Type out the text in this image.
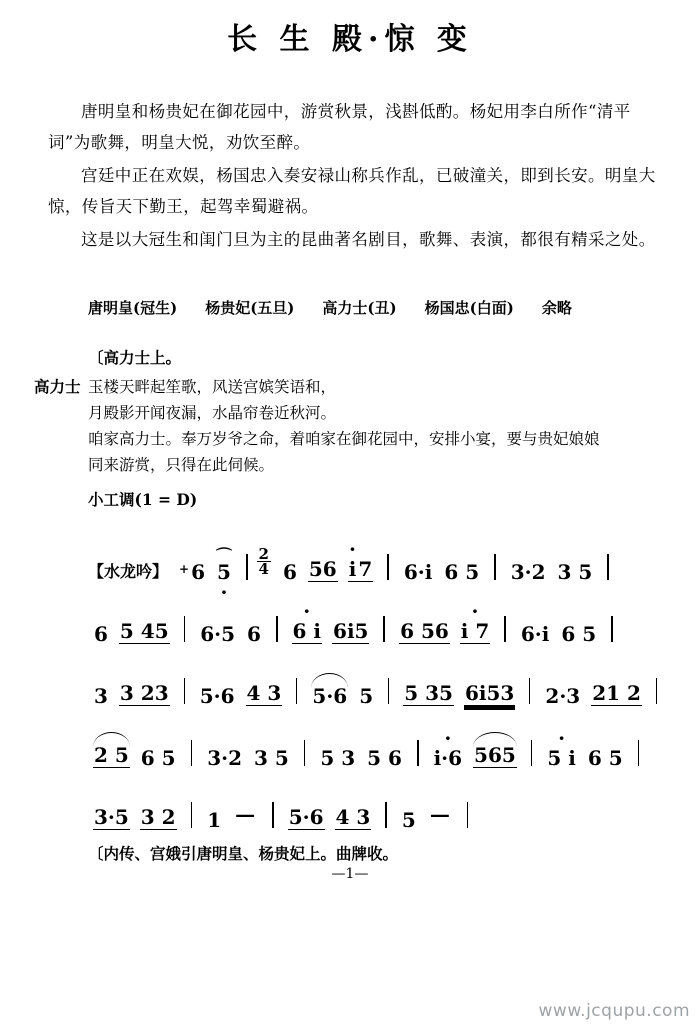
长 生 殿·惊 变

唐明皇和杨贵妃在御花园中，游赏秋景，浅斟低酌。杨妃用李白所作“清平词”为歌舞，明皇大悦，劝饮至醉。

宫廷中正在欢娱，杨国忠入奏安禄山称兵作乱，已破潼关，即到长安。明皇大惊，传旨天下勤王，起驾幸蜀避祸。

这是以大冠生和闺门旦为主的昆曲著名剧目，歌舞、表演，都很有精采之处。

唐明皇(冠生) 杨贵妃(五旦) 高力士(丑) 杨国忠(白面) 余略
〔高力士上。
高力士 玉楼天畔起笙歌，风送宫嫔笑语和，
月殿影开闻夜漏，水晶帘卷近秋河。
咱家高力士。奉万岁爷之命，着咱家在御花园中，安排小宴，要与贵妃娘娘
同来游赏，只得在此伺候。
小工调(1 = D)
【水龙吟】 + 6 ⌒ $5 \cdot \frac{2}{4} 6$ 56 · i 7 6·i 6 5 3·2 3 5
6 5 45 6·5 6 · 6 i 6i5 6 56 · i 7 6·i 6 5
3 3 23 5·6 4 3 5·6 5 5 35 6i53 2·3 21 2
2 5 6 5 3·2 3 5 5 3 5 6 · i·6 565 · 5 i 6 5
3·5 3 2 1 — 5·6 4 3 5 —
〔内传、宫娥引唐明皇、杨贵妃上。曲牌收。
—1—
www.jcqupu.com
